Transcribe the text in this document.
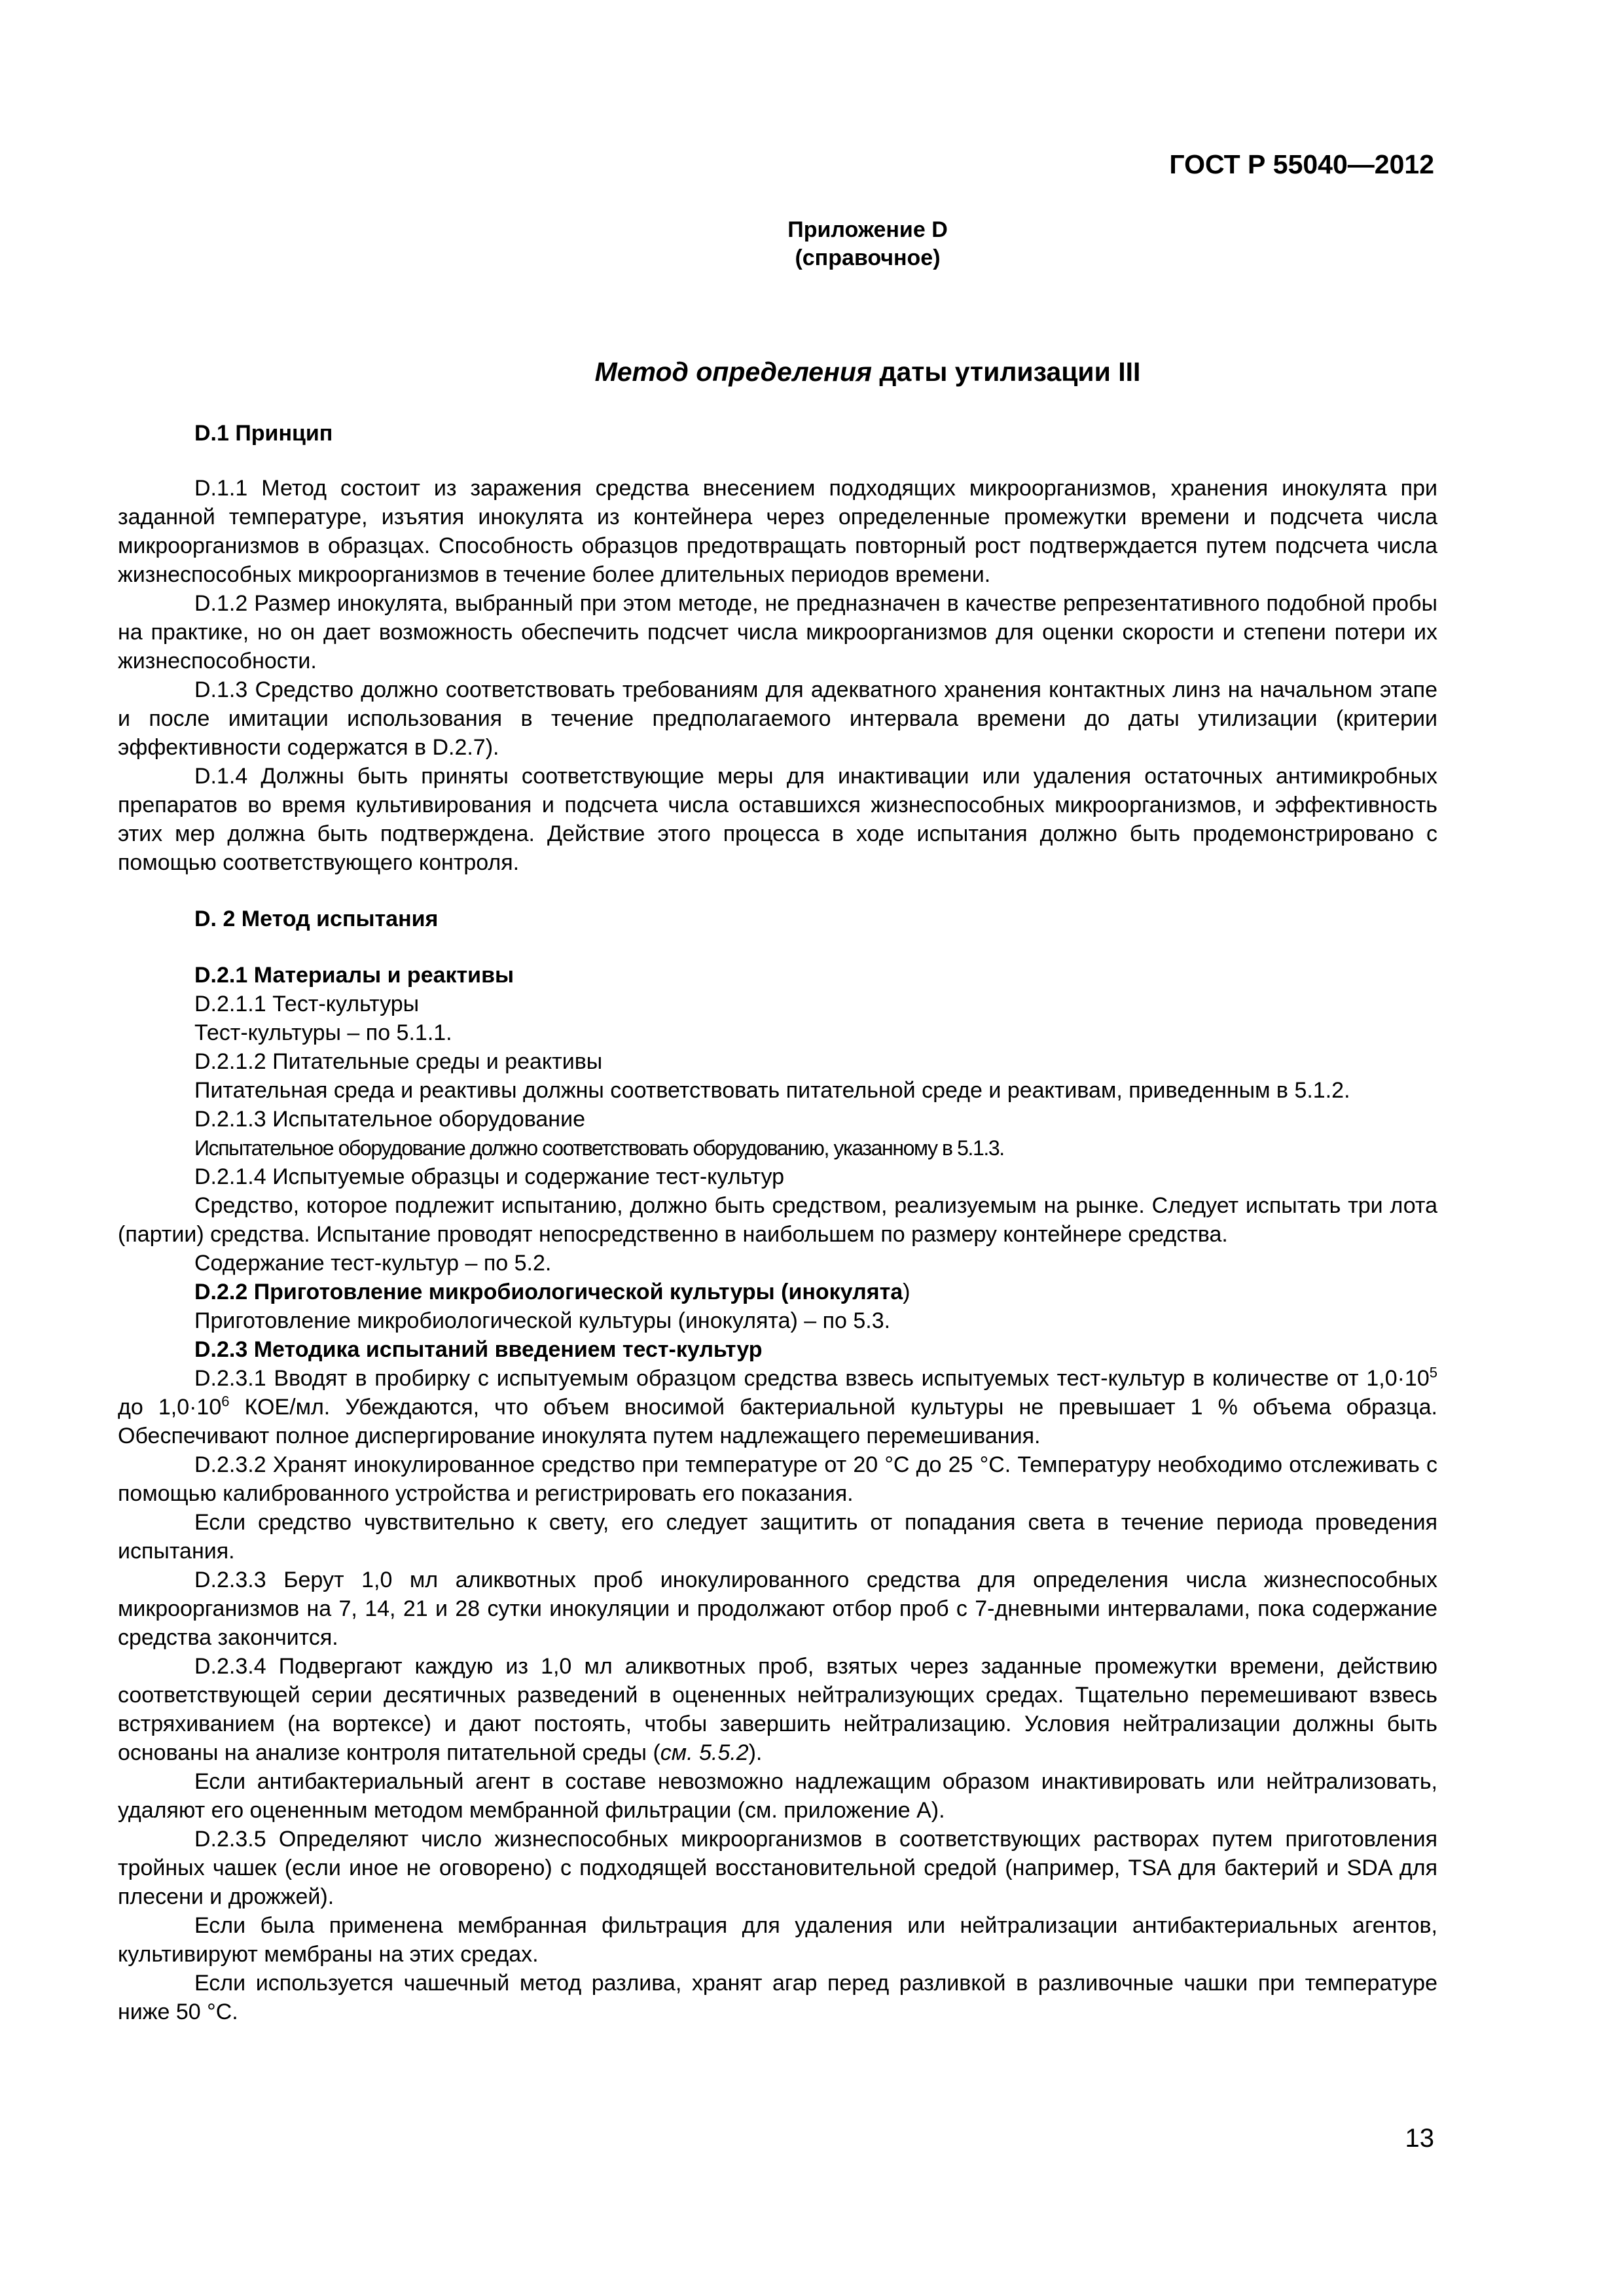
ГОСТ Р 55040—2012
Приложение D
(справочное)
Метод определения даты утилизации III
D.1 Принцип

D.1.1 Метод состоит из заражения средства внесением подходящих микроорганизмов, хранения инокулята при заданной температуре, изъятия инокулята из контейнера через определенные промежутки времени и подсчета числа микроорганизмов в образцах. Способность образцов предотвращать повторный рост подтверждается путем подсчета числа жизнеспособных микроорганизмов в течение более длительных периодов времени.

D.1.2 Размер инокулята, выбранный при этом методе, не предназначен в качестве репрезентативного подобной пробы на практике, но он дает возможность обеспечить подсчет числа микроорганизмов для оценки скорости и степени потери их жизнеспособности.

D.1.3 Средство должно соответствовать требованиям для адекватного хранения контактных линз на начальном этапе и после имитации использования в течение предполагаемого интервала времени до даты утилизации (критерии эффективности содержатся в D.2.7).

D.1.4 Должны быть приняты соответствующие меры для инактивации или удаления остаточных антимикробных препаратов во время культивирования и подсчета числа оставшихся жизнеспособных микроорганизмов, и эффективность этих мер должна быть подтверждена. Действие этого процесса в ходе испытания должно быть продемонстрировано с помощью соответствующего контроля.

D. 2 Метод испытания
D.2.1 Материалы и реактивы

D.2.1.1 Тест-культуры

Тест-культуры – по 5.1.1.

D.2.1.2 Питательные среды и реактивы

Питательная среда и реактивы должны соответствовать питательной среде и реактивам, приведенным в 5.1.2.

D.2.1.3 Испытательное оборудование

Испытательное оборудование должно соответствовать оборудованию, указанному в 5.1.3.

D.2.1.4 Испытуемые образцы и содержание тест-культур

Средство, которое подлежит испытанию, должно быть средством, реализуемым на рынке. Следует испытать три лота (партии) средства. Испытание проводят непосредственно в наибольшем по размеру контейнере средства.

Содержание тест-культур – по 5.2.

D.2.2 Приготовление микробиологической культуры (инокулята)

Приготовление микробиологической культуры (инокулята) – по 5.3.

D.2.3 Методика испытаний введением тест-культур

D.2.3.1 Вводят в пробирку с испытуемым образцом средства взвесь испытуемых тест-культур в количестве от $1,0\cdot 10^5$ до $1,0\cdot 10^6$ КОЕ/мл. Убеждаются, что объем вносимой бактериальной культуры не превышает 1 % объема образца. Обеспечивают полное диспергирование инокулята путем надлежащего перемешивания.

D.2.3.2 Хранят инокулированное средство при температуре от 20 °С до 25 °С. Температуру необходимо отслеживать с помощью калиброванного устройства и регистрировать его показания.

Если средство чувствительно к свету, его следует защитить от попадания света в течение периода проведения испытания.

D.2.3.3 Берут 1,0 мл аликвотных проб инокулированного средства для определения числа жизнеспособных микроорганизмов на 7, 14, 21 и 28 сутки инокуляции и продолжают отбор проб с 7-дневными интервалами, пока содержание средства закончится.

D.2.3.4 Подвергают каждую из 1,0 мл аликвотных проб, взятых через заданные промежутки времени, действию соответствующей серии десятичных разведений в оцененных нейтрализующих средах. Тщательно перемешивают взвесь встряхиванием (на вортексе) и дают постоять, чтобы завершить нейтрализацию. Условия нейтрализации должны быть основаны на анализе контроля питательной среды (см. 5.5.2).

Если антибактериальный агент в составе невозможно надлежащим образом инактивировать или нейтрализовать, удаляют его оцененным методом мембранной фильтрации (см. приложение А).

D.2.3.5 Определяют число жизнеспособных микроорганизмов в соответствующих растворах путем приготовления тройных чашек (если иное не оговорено) с подходящей восстановительной средой (например, TSA для бактерий и SDA для плесени и дрожжей).

Если была применена мембранная фильтрация для удаления или нейтрализации антибактериальных агентов, культивируют мембраны на этих средах.

Если используется чашечный метод разлива, хранят агар перед разливкой в разливочные чашки при температуре ниже 50 °С.

13
